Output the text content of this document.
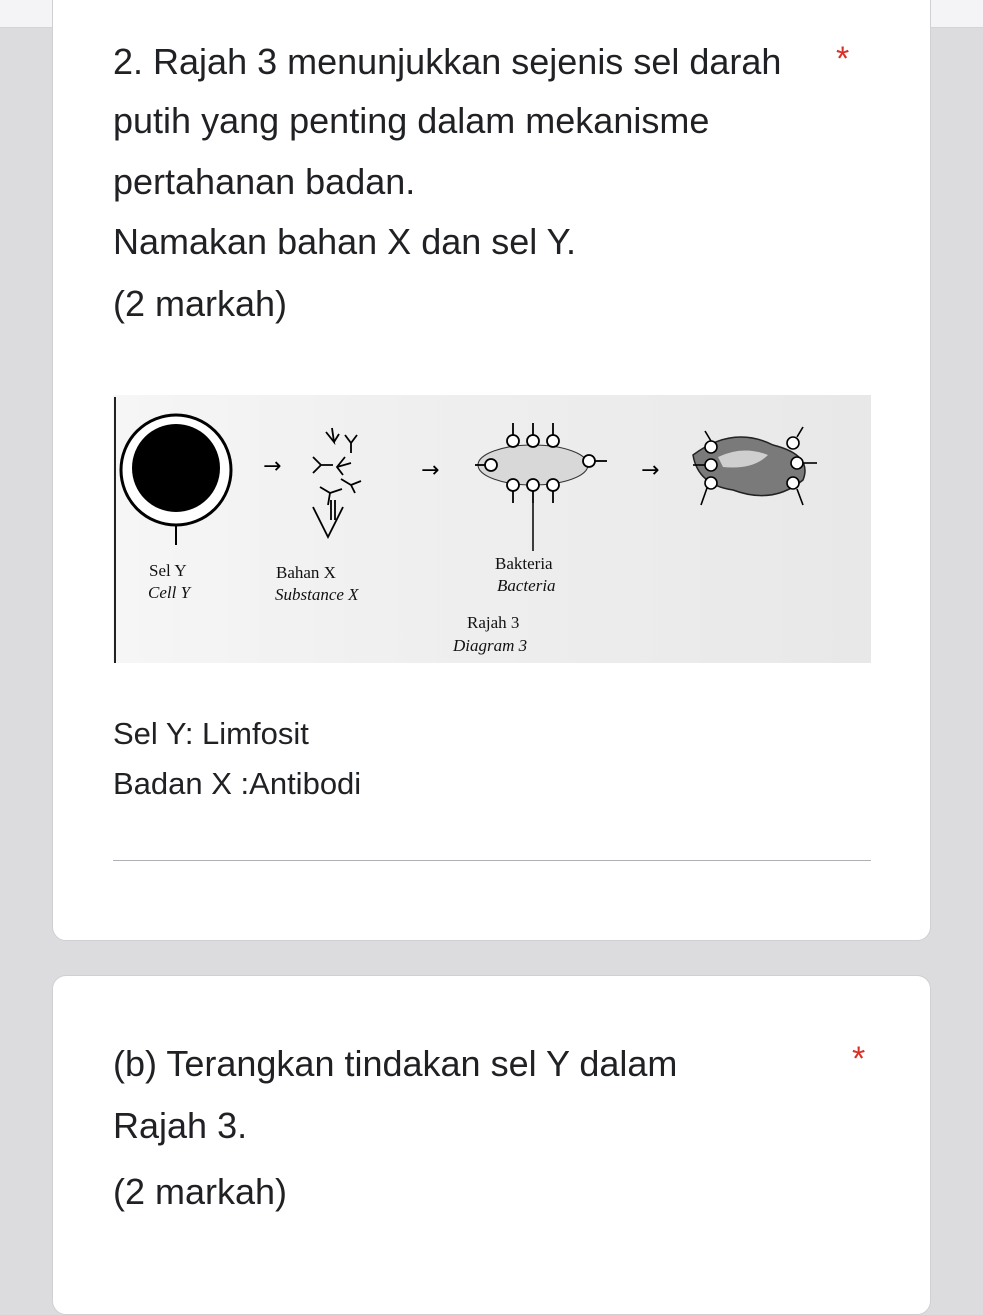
2. Rajah 3 menunjukkan sejenis sel darah *

putih yang penting dalam mekanisme

pertahanan badan.

Namakan bahan X dan sel Y.

(2 markah)

Sel Y
Cell Y
→
Bahan X
Substance X
→
Bakteria
Bacteria
→
Rajah 3
Diagram 3
Sel Y: Limfosit
Badan X :Antibodi

(b) Terangkan tindakan sel Y dalam	*

Rajah 3.

(2 markah)
